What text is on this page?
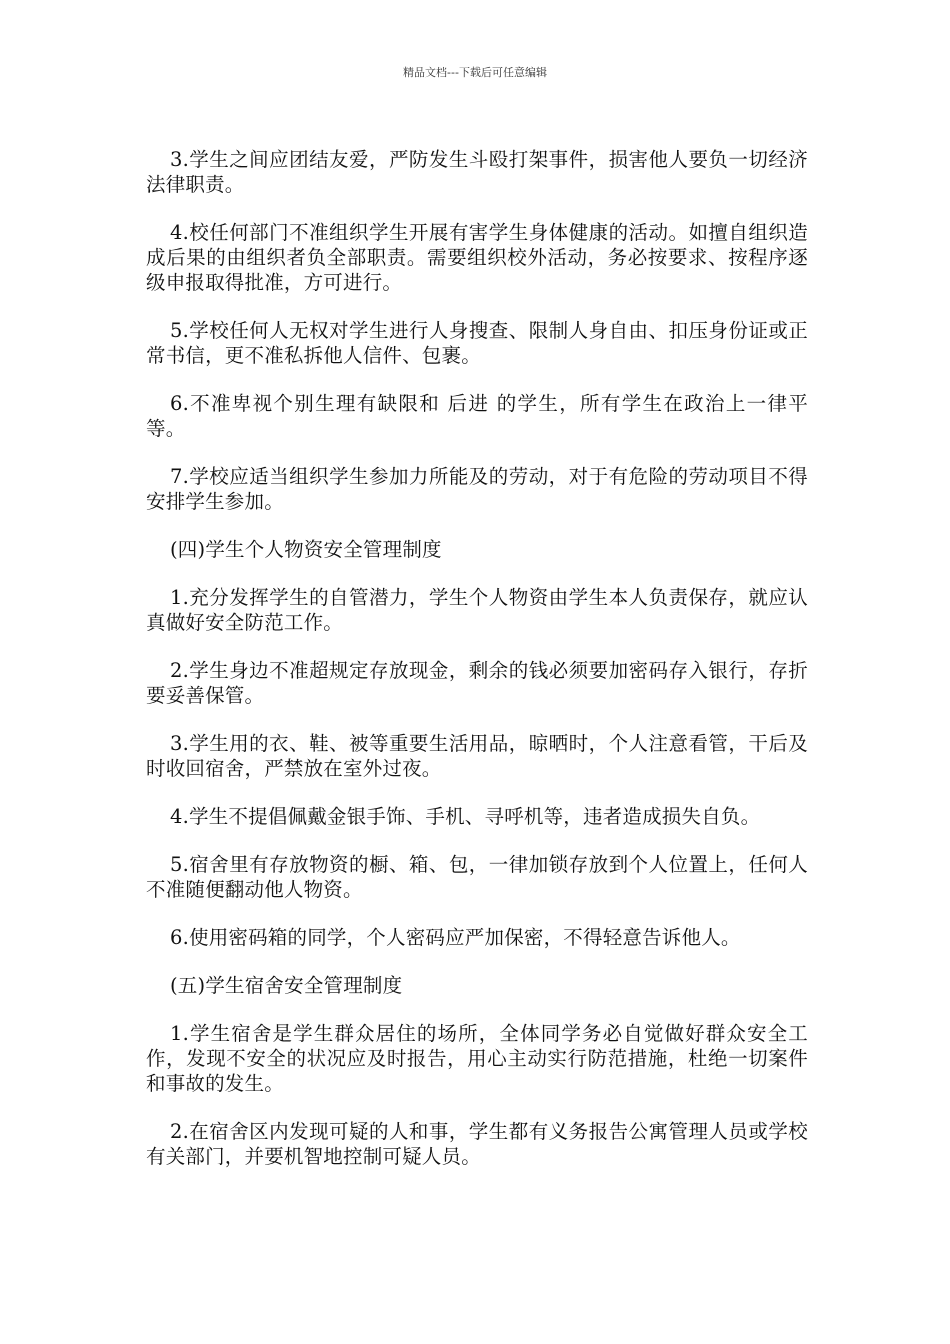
精品文档---下载后可任意编辑

3.学生之间应团结友爱，严防发生斗殴打架事件，损害他人要负一切经济法律职责。

4.校任何部门不准组织学生开展有害学生身体健康的活动。如擅自组织造成后果的由组织者负全部职责。需要组织校外活动，务必按要求、按程序逐级申报取得批准，方可进行。

5.学校任何人无权对学生进行人身搜查、限制人身自由、扣压身份证或正常书信，更不准私拆他人信件、包裹。

6.不准卑视个别生理有缺限和 后进 的学生，所有学生在政治上一律平等。

7.学校应适当组织学生参加力所能及的劳动，对于有危险的劳动项目不得安排学生参加。

(四)学生个人物资安全管理制度

1.充分发挥学生的自管潜力，学生个人物资由学生本人负责保存，就应认真做好安全防范工作。

2.学生身边不准超规定存放现金，剩余的钱必须要加密码存入银行，存折要妥善保管。

3.学生用的衣、鞋、被等重要生活用品，晾晒时，个人注意看管，干后及时收回宿舍，严禁放在室外过夜。

4.学生不提倡佩戴金银手饰、手机、寻呼机等，违者造成损失自负。

5.宿舍里有存放物资的橱、箱、包，一律加锁存放到个人位置上，任何人不准随便翻动他人物资。

6.使用密码箱的同学，个人密码应严加保密，不得轻意告诉他人。

(五)学生宿舍安全管理制度

1.学生宿舍是学生群众居住的场所，全体同学务必自觉做好群众安全工作，发现不安全的状况应及时报告，用心主动实行防范措施，杜绝一切案件和事故的发生。

2.在宿舍区内发现可疑的人和事，学生都有义务报告公寓管理人员或学校有关部门，并要机智地控制可疑人员。
